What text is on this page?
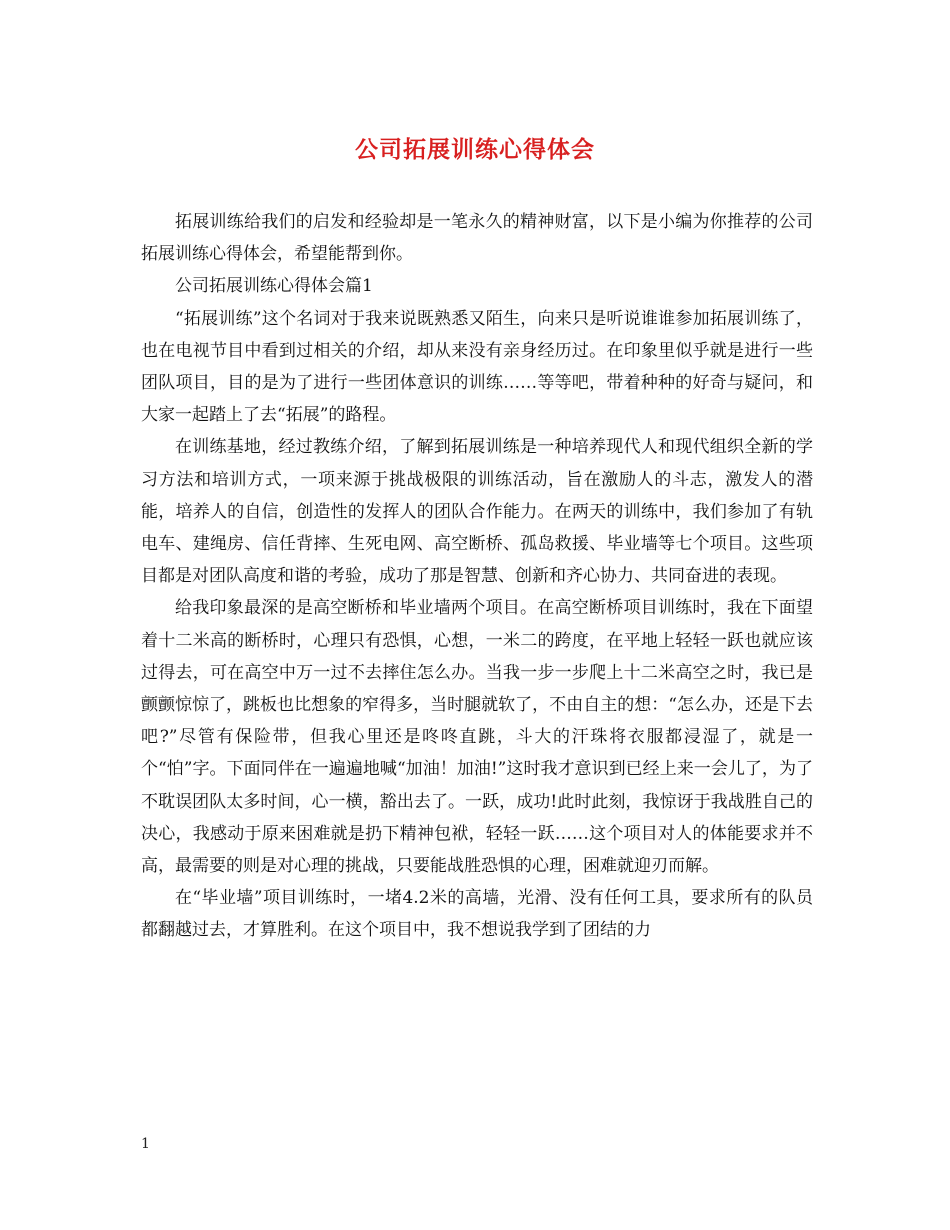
公司拓展训练心得体会

拓展训练给我们的启发和经验却是一笔永久的精神财富，以下是小编为你推荐的公司拓展训练心得体会，希望能帮到你。

公司拓展训练心得体会篇1

“拓展训练”这个名词对于我来说既熟悉又陌生，向来只是听说谁谁参加拓展训练了，也在电视节目中看到过相关的介绍，却从来没有亲身经历过。在印象里似乎就是进行一些团队项目，目的是为了进行一些团体意识的训练……等等吧，带着种种的好奇与疑问，和大家一起踏上了去“拓展”的路程。

在训练基地，经过教练介绍，了解到拓展训练是一种培养现代人和现代组织全新的学习方法和培训方式，一项来源于挑战极限的训练活动，旨在激励人的斗志，激发人的潜能，培养人的自信，创造性的发挥人的团队合作能力。在两天的训练中，我们参加了有轨电车、建绳房、信任背摔、生死电网、高空断桥、孤岛救援、毕业墙等七个项目。这些项目都是对团队高度和谐的考验，成功了那是智慧、创新和齐心协力、共同奋进的表现。

给我印象最深的是高空断桥和毕业墙两个项目。在高空断桥项目训练时，我在下面望着十二米高的断桥时，心理只有恐惧，心想，一米二的跨度，在平地上轻轻一跃也就应该过得去，可在高空中万一过不去摔住怎么办。当我一步一步爬上十二米高空之时，我已是颤颤惊惊了，跳板也比想象的窄得多，当时腿就软了，不由自主的想：“怎么办，还是下去吧?”尽管有保险带，但我心里还是咚咚直跳，斗大的汗珠将衣服都浸湿了，就是一个“怕”字。下面同伴在一遍遍地喊“加油！加油!”这时我才意识到已经上来一会儿了，为了不耽误团队太多时间，心一横，豁出去了。一跃，成功!此时此刻，我惊讶于我战胜自己的决心，我感动于原来困难就是扔下精神包袱，轻轻一跃……这个项目对人的体能要求并不高，最需要的则是对心理的挑战，只要能战胜恐惧的心理，困难就迎刃而解。

在“毕业墙”项目训练时，一堵4.2米的高墙，光滑、没有任何工具，要求所有的队员都翻越过去，才算胜利。在这个项目中，我不想说我学到了团结的力

1
